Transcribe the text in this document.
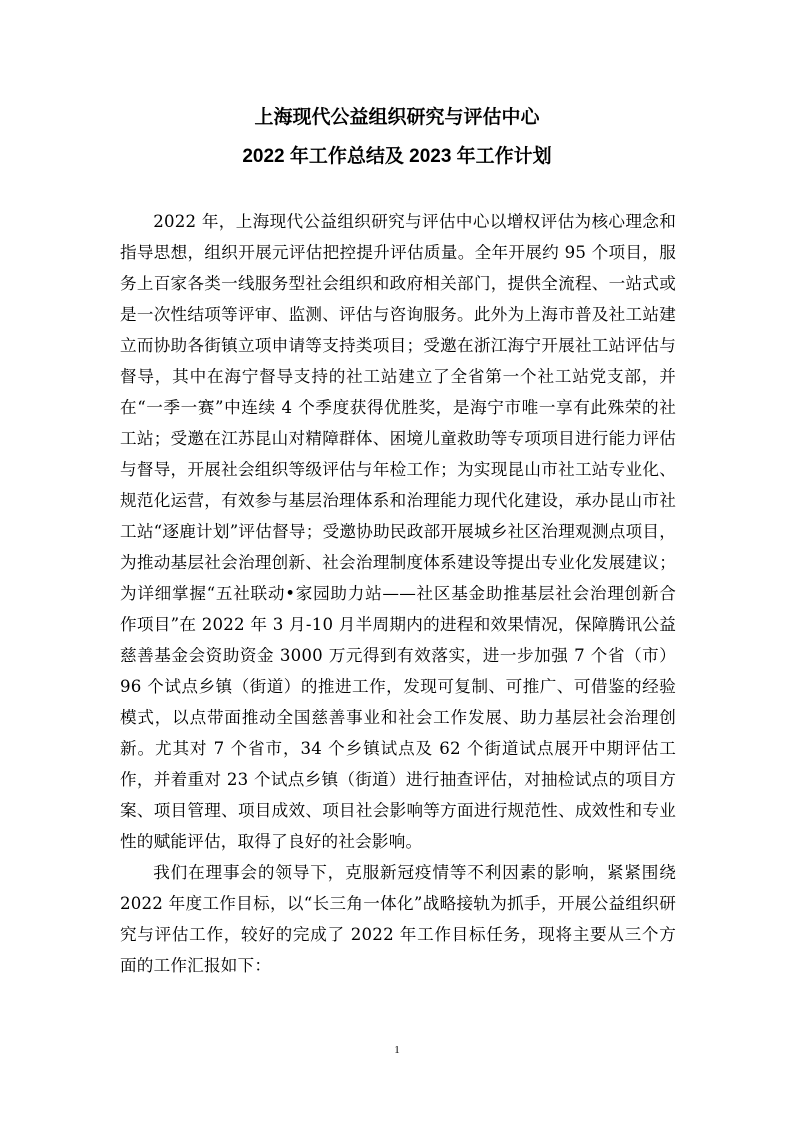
上海现代公益组织研究与评估中心
2022 年工作总结及 2023 年工作计划

2022 年，上海现代公益组织研究与评估中心以增权评估为核心理念和指导思想，组织开展元评估把控提升评估质量。全年开展约 95 个项目，服务上百家各类一线服务型社会组织和政府相关部门，提供全流程、一站式或是一次性结项等评审、监测、评估与咨询服务。此外为上海市普及社工站建立而协助各街镇立项申请等支持类项目；受邀在浙江海宁开展社工站评估与督导，其中在海宁督导支持的社工站建立了全省第一个社工站党支部，并在“一季一赛”中连续 4 个季度获得优胜奖，是海宁市唯一享有此殊荣的社工站；受邀在江苏昆山对精障群体、困境儿童救助等专项项目进行能力评估与督导，开展社会组织等级评估与年检工作；为实现昆山市社工站专业化、规范化运营，有效参与基层治理体系和治理能力现代化建设，承办昆山市社工站“逐鹿计划”评估督导；受邀协助民政部开展城乡社区治理观测点项目，为推动基层社会治理创新、社会治理制度体系建设等提出专业化发展建议；为详细掌握“五社联动•家园助力站——社区基金助推基层社会治理创新合作项目”在 2022 年 3 月-10 月半周期内的进程和效果情况，保障腾讯公益慈善基金会资助资金 3000 万元得到有效落实，进一步加强 7 个省（市）96 个试点乡镇（街道）的推进工作，发现可复制、可推广、可借鉴的经验模式，以点带面推动全国慈善事业和社会工作发展、助力基层社会治理创新。尤其对 7 个省市，34 个乡镇试点及 62 个街道试点展开中期评估工作，并着重对 23 个试点乡镇（街道）进行抽查评估，对抽检试点的项目方案、项目管理、项目成效、项目社会影响等方面进行规范性、成效性和专业性的赋能评估，取得了良好的社会影响。

我们在理事会的领导下，克服新冠疫情等不利因素的影响，紧紧围绕 2022 年度工作目标，以“长三角一体化”战略接轨为抓手，开展公益组织研究与评估工作，较好的完成了 2022 年工作目标任务，现将主要从三个方面的工作汇报如下：

1
